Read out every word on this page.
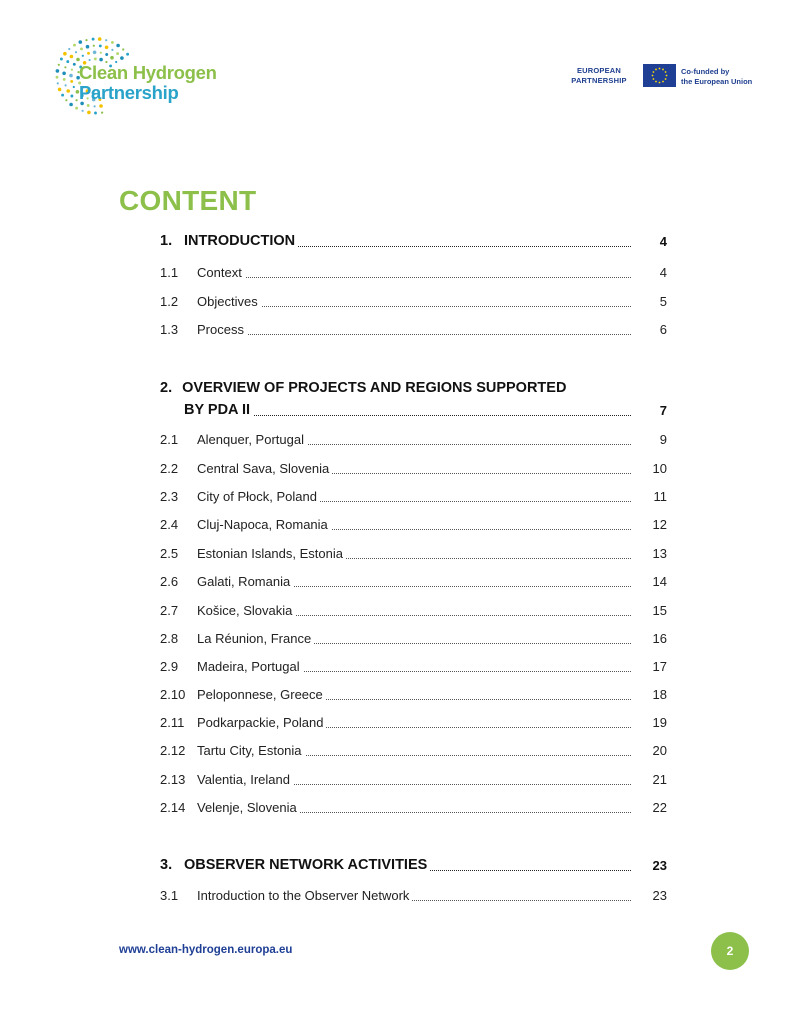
Clean Hydrogen
Partnership
EUROPEAN
PARTNERSHIP
Co-funded by
the European Union
CONTENT
1. INTRODUCTION	4
1.1 Context	4
1.2 Objectives	5
1.3 Process	6
2. OVERVIEW OF PROJECTS AND REGIONS SUPPORTED
BY PDA II	7
2.1 Alenquer, Portugal	9
2.2 Central Sava, Slovenia	10
2.3 City of Płock, Poland	11
2.4 Cluj-Napoca, Romania	12
2.5 Estonian Islands, Estonia	13
2.6 Galati, Romania	14
2.7 Košice, Slovakia	15
2.8 La Réunion, France	16
2.9 Madeira, Portugal	17
2.10 Peloponnese, Greece	18
2.11 Podkarpackie, Poland	19
2.12 Tartu City, Estonia	20
2.13 Valentia, Ireland	21
2.14 Velenje, Slovenia	22
3. OBSERVER NETWORK ACTIVITIES	23
3.1 Introduction to the Observer Network	23
www.clean-hydrogen.europa.eu	2
